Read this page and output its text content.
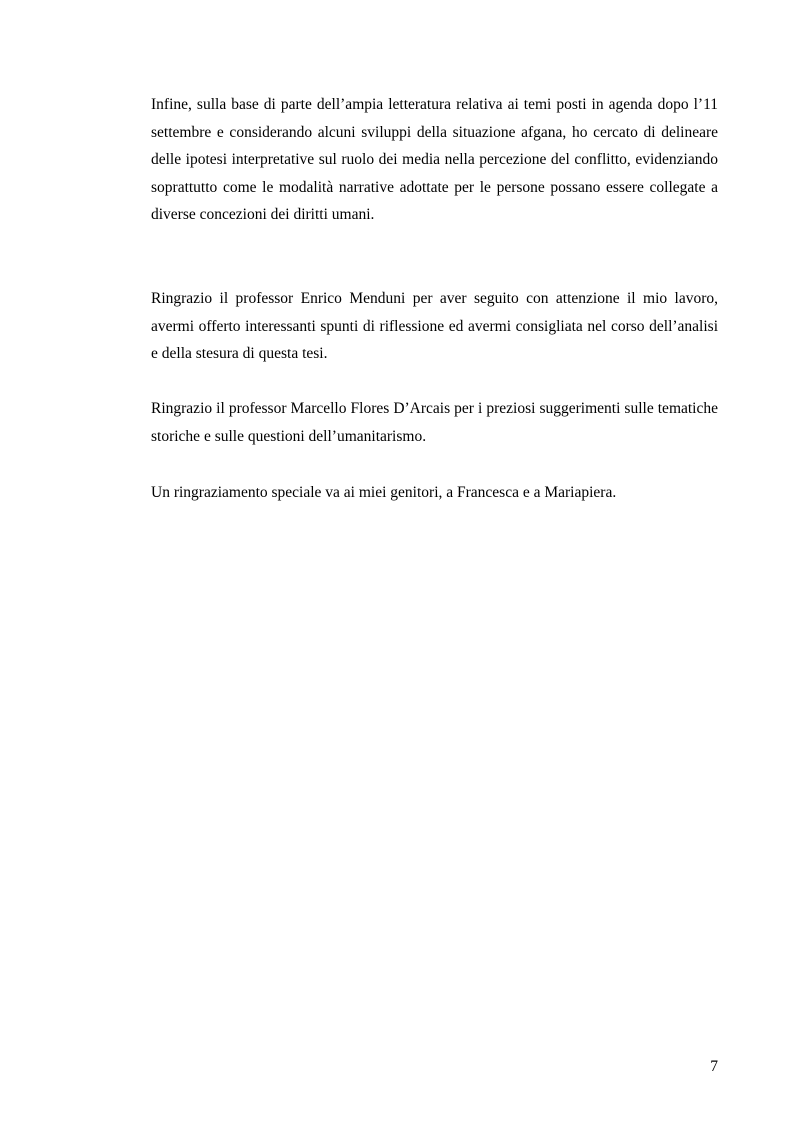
Infine, sulla base di parte dell’ampia letteratura relativa ai temi posti in agenda dopo l’11 settembre e considerando alcuni sviluppi della situazione afgana, ho cercato di delineare delle ipotesi interpretative sul ruolo dei media nella percezione del conflitto, evidenziando soprattutto come le modalità narrative adottate per le persone possano essere collegate a diverse concezioni dei diritti umani.

Ringrazio il professor Enrico Menduni per aver seguito con attenzione il mio lavoro, avermi offerto interessanti spunti di riflessione ed avermi consigliata nel corso dell’analisi e della stesura di questa tesi.

Ringrazio il professor Marcello Flores D’Arcais per i preziosi suggerimenti sulle tematiche storiche e sulle questioni dell’umanitarismo.

Un ringraziamento speciale va ai miei genitori, a Francesca e a Mariapiera.

7
